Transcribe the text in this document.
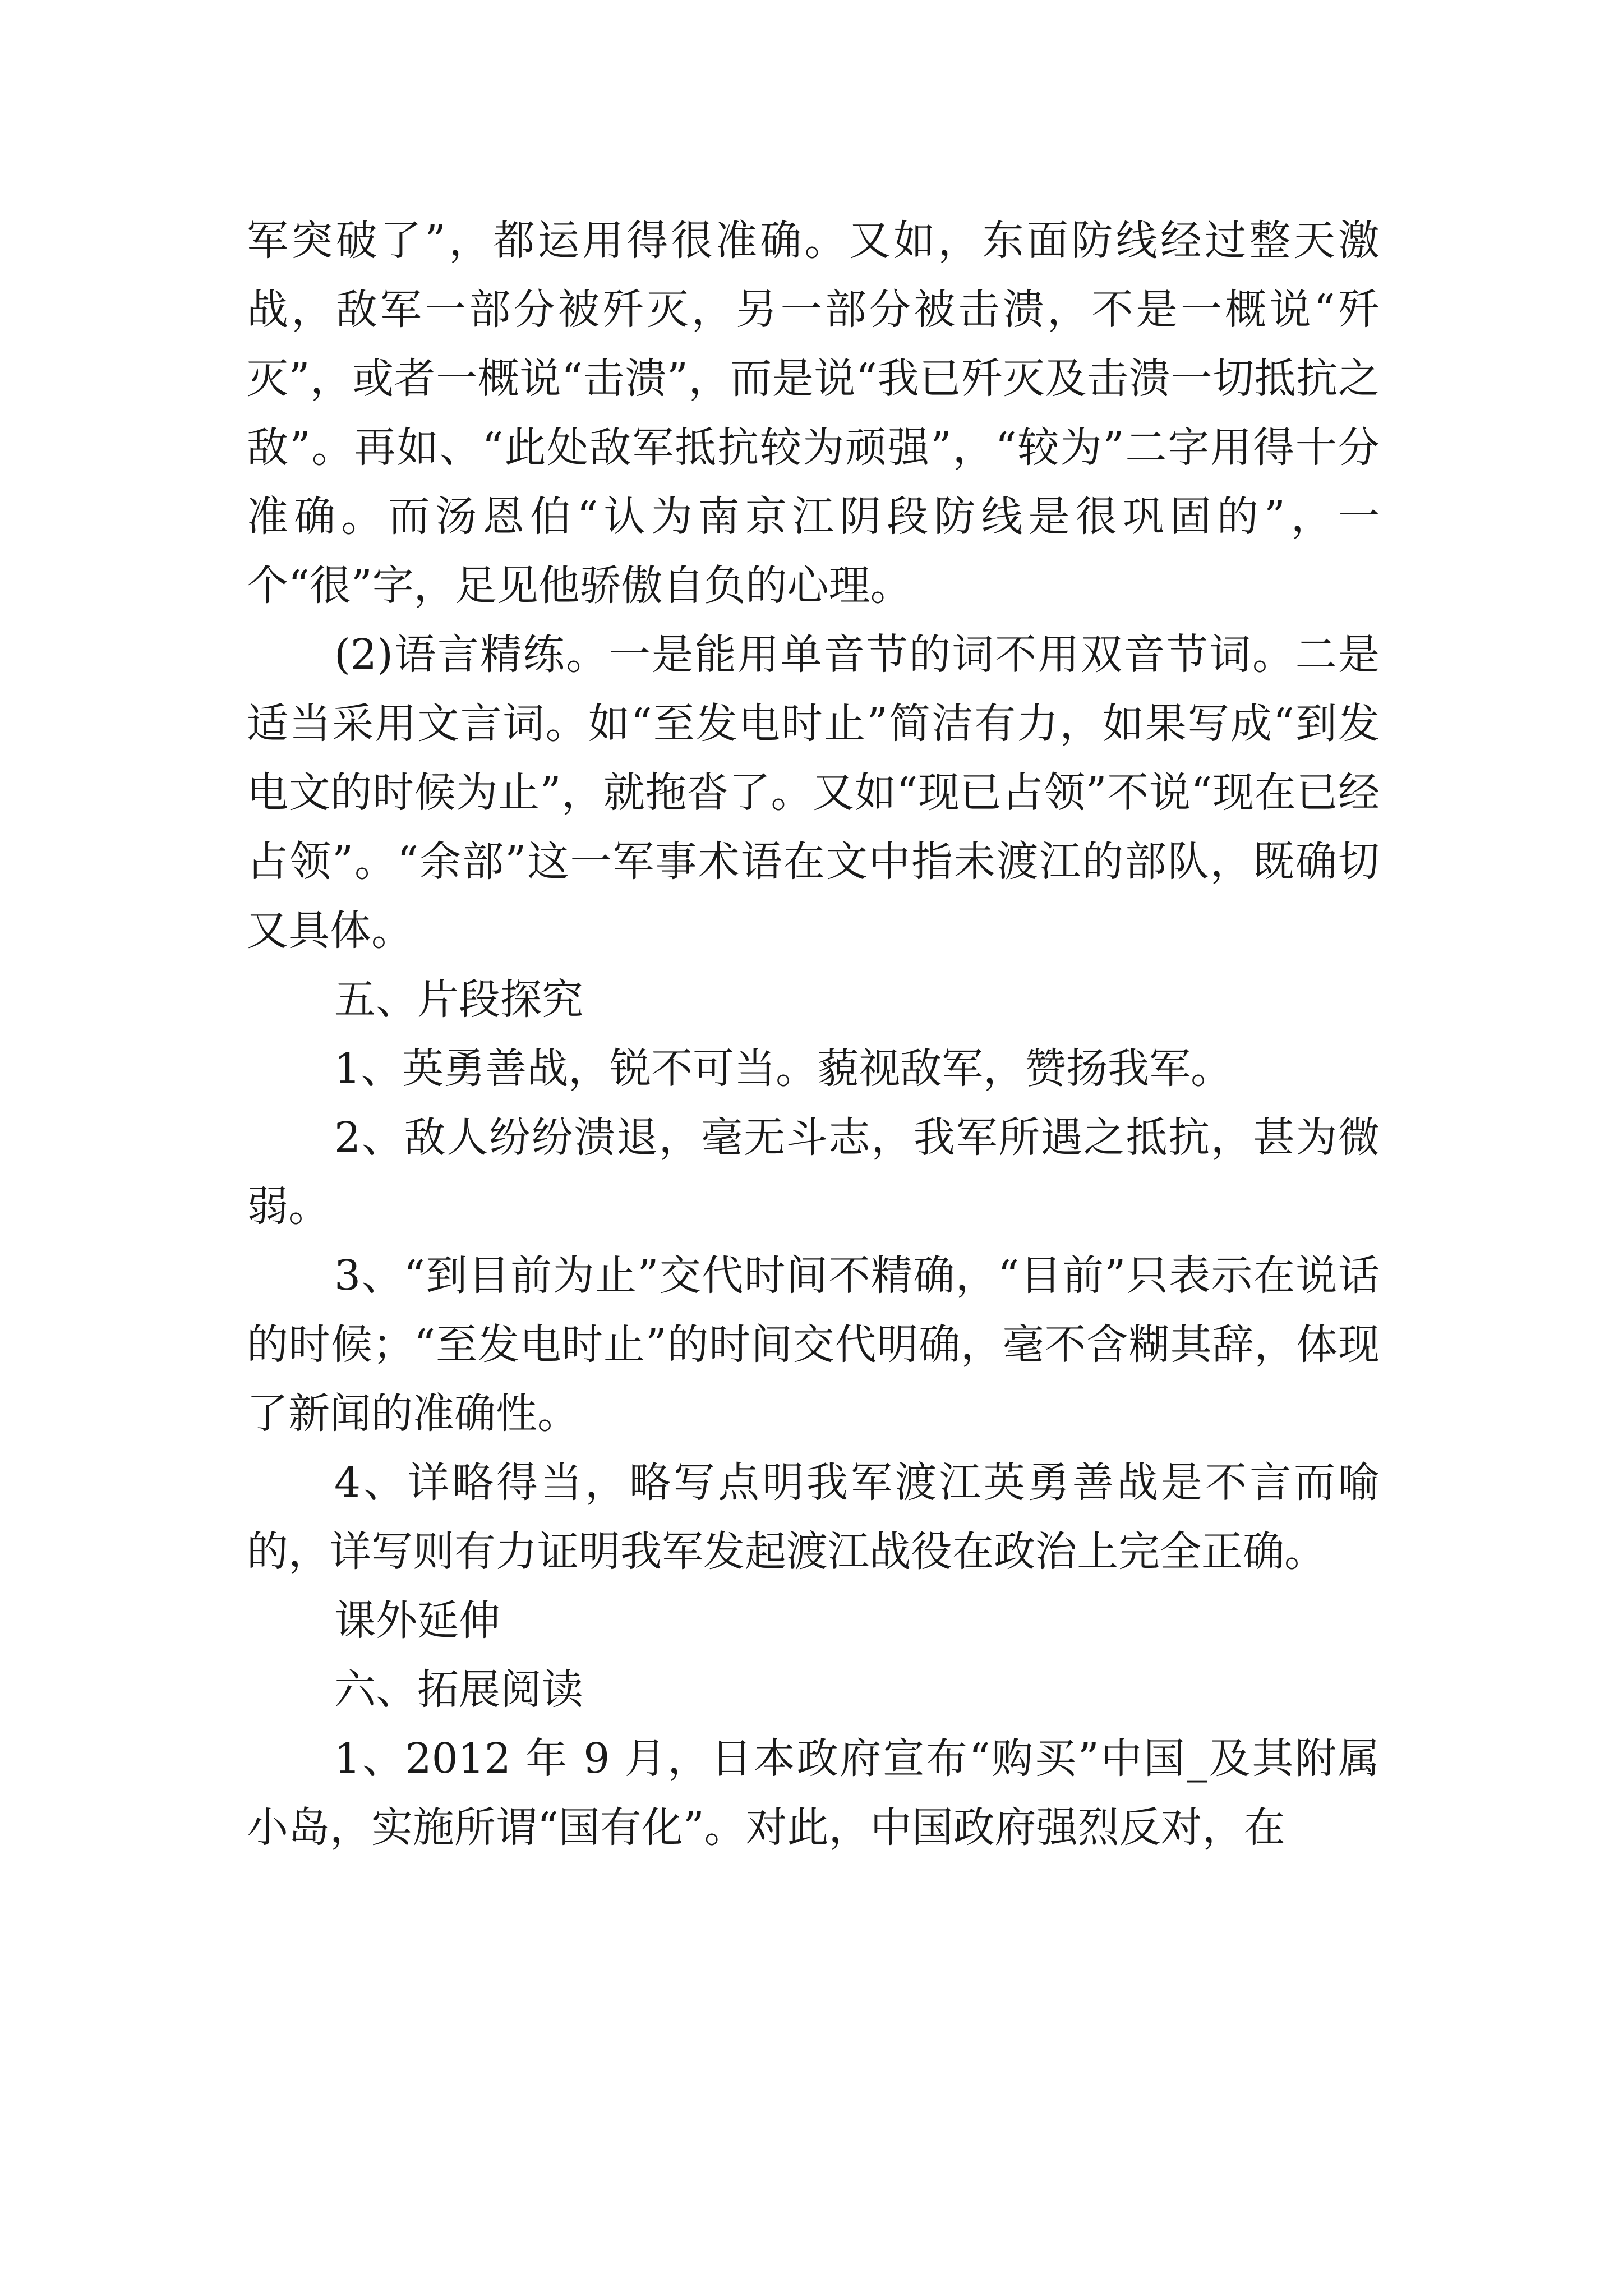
军突破了”，都运用得很准确。又如，东面防线经过整天激战，敌军一部分被歼灭，另一部分被击溃，不是一概说“歼灭”，或者一概说“击溃”，而是说“我已歼灭及击溃一切抵抗之敌”。再如、“此处敌军抵抗较为顽强”，“较为”二字用得十分准确。而汤恩伯“认为南京江阴段防线是很巩固的”，一个“很”字，足见他骄傲自负的心理。

(2)语言精练。一是能用单音节的词不用双音节词。二是适当采用文言词。如“至发电时止”简洁有力，如果写成“到发电文的时候为止”，就拖沓了。又如“现已占领”不说“现在已经占领”。“余部”这一军事术语在文中指未渡江的部队，既确切又具体。

五、片段探究

1、英勇善战，锐不可当。藐视敌军，赞扬我军。

2、敌人纷纷溃退，毫无斗志，我军所遇之抵抗，甚为微弱。

3、“到目前为止”交代时间不精确，“目前”只表示在说话的时候；“至发电时止”的时间交代明确，毫不含糊其辞，体现了新闻的准确性。

4、详略得当，略写点明我军渡江英勇善战是不言而喻的，详写则有力证明我军发起渡江战役在政治上完全正确。

课外延伸

六、拓展阅读

1、2012 年 9 月，日本政府宣布“购买”中国_及其附属小岛，实施所谓“国有化”。对此，中国政府强烈反对，在
